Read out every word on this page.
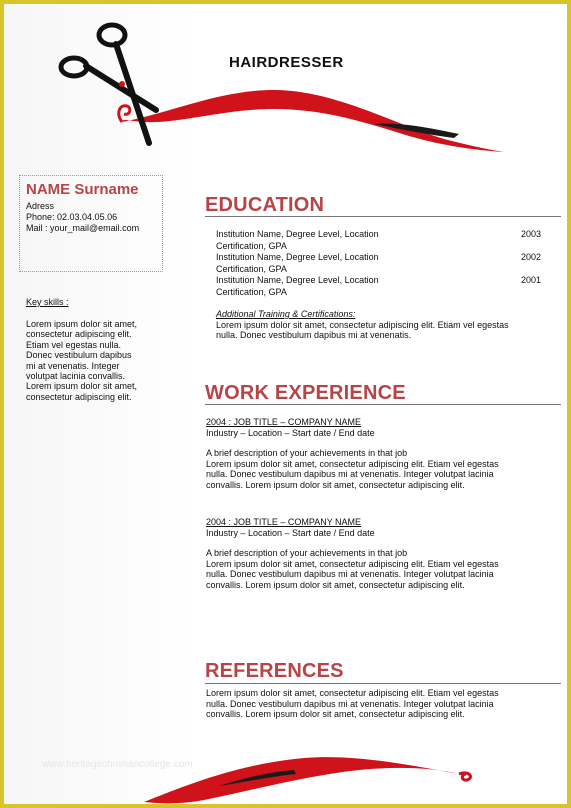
HAIRDRESSER
NAME Surname
Adress
Phone: 02.03.04.05.06
Mail : your_mail@email.com
Key skills :
Lorem ipsum dolor sit amet,
consectetur adipiscing elit.
Etiam vel egestas nulla.
Donec vestibulum dapibus
mi at venenatis. Integer
volutpat lacinia convallis.
Lorem ipsum dolor sit amet,
consectetur adipiscing elit.
EDUCATION
Institution Name, Degree Level, Location
Certification, GPA
2003
Institution Name, Degree Level, Location
Certification, GPA
2002
Institution Name, Degree Level, Location
Certification, GPA
2001
Additional Training & Certifications:
Lorem ipsum dolor sit amet, consectetur adipiscing elit. Etiam vel egestas
nulla. Donec vestibulum dapibus mi at venenatis.
WORK EXPERIENCE
2004 : JOB TITLE – COMPANY NAME
Industry – Location – Start date / End date
A brief description of your achievements in that job
Lorem ipsum dolor sit amet, consectetur adipiscing elit. Etiam vel egestas
nulla. Donec vestibulum dapibus mi at venenatis. Integer volutpat lacinia
convallis. Lorem ipsum dolor sit amet, consectetur adipiscing elit.
2004 : JOB TITLE – COMPANY NAME
Industry – Location – Start date / End date
A brief description of your achievements in that job
Lorem ipsum dolor sit amet, consectetur adipiscing elit. Etiam vel egestas
nulla. Donec vestibulum dapibus mi at venenatis. Integer volutpat lacinia
convallis. Lorem ipsum dolor sit amet, consectetur adipiscing elit.
REFERENCES
Lorem ipsum dolor sit amet, consectetur adipiscing elit. Etiam vel egestas
nulla. Donec vestibulum dapibus mi at venenatis. Integer volutpat lacinia
convallis. Lorem ipsum dolor sit amet, consectetur adipiscing elit.
www.heritagechristiancollege.com
